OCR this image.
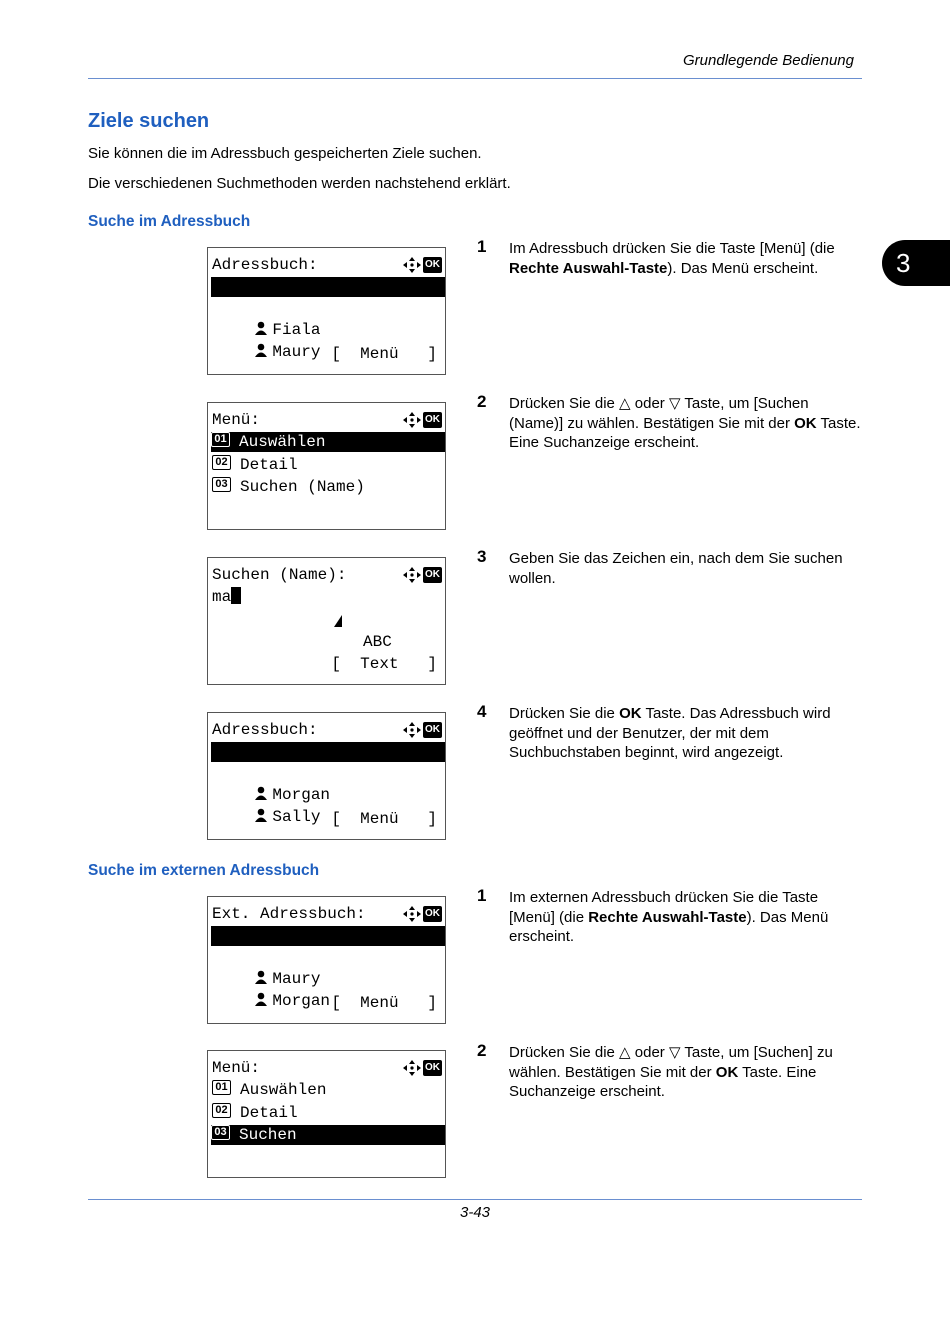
Grundlegende Bedienung
3
Ziele suchen
Sie können die im Adressbuch gespeicherten Ziele suchen.
Die verschiedenen Suchmethoden werden nachstehend erklärt.
Suche im Adressbuch
1 Im Adressbuch drücken Sie die Taste [Menü] (die Rechte Auswahl-Taste). Das Menü erscheint.
2 Drücken Sie die △ oder ▽ Taste, um [Suchen (Name)] zu wählen. Bestätigen Sie mit der OK Taste. Eine Suchanzeige erscheint.
3 Geben Sie das Zeichen ein, nach dem Sie suchen wollen.
4 Drücken Sie die OK Taste. Das Adressbuch wird geöffnet und der Benutzer, der mit dem Suchbuchstaben beginnt, wird angezeigt.
Adressbuch:	OK

Design

Fiala

Maury
[  Menü   ]
Menü:	OK
01 Auswählen
02 Detail
03 Suchen (Name)
Suchen (Name):	OK
ma
ABC
[  Text   ]
Adressbuch:	OK

Maury

Morgan

Sally
[  Menü   ]
Suche im externen Adressbuch
1 Im externen Adressbuch drücken Sie die Taste [Menü] (die Rechte Auswahl-Taste). Das Menü erscheint.
2 Drücken Sie die △ oder ▽ Taste, um [Suchen] zu wählen. Bestätigen Sie mit der OK Taste. Eine Suchanzeige erscheint.
Ext. Adressbuch:	OK

Fiala

Maury

Morgan
[  Menü   ]
Menü:	OK
01 Auswählen
02 Detail
03 Suchen
3-43
